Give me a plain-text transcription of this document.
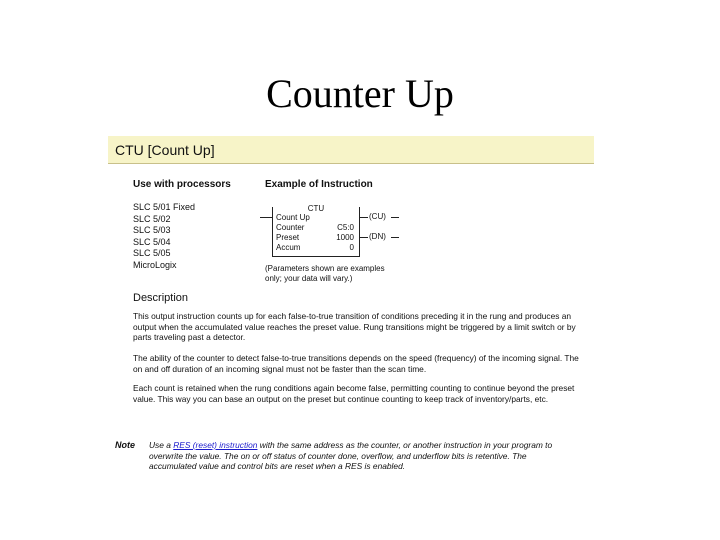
Counter Up
CTU [Count Up]
Use with processors	Example of Instruction
SLC 5/01 Fixed
SLC 5/02
SLC 5/03
SLC 5/04
SLC 5/05
MicroLogix
CTU
Count Up
Counter	C5:0
Preset	1000
Accum	0
(CU)
(DN)
(Parameters shown are examples
only; your data will vary.)
Description
This output instruction counts up for each false-to-true transition of conditions preceding it in the rung and produces an output when the accumulated value reaches the preset value. Rung transitions might be triggered by a limit switch or by parts traveling past a detector.
The ability of the counter to detect false-to-true transitions depends on the speed (frequency) of the incoming signal. The on and off duration of an incoming signal must not be faster than the scan time.
Each count is retained when the rung conditions again become false, permitting counting to continue beyond the preset value. This way you can base an output on the preset but continue counting to keep track of inventory/parts, etc.
Note Use a RES (reset) instruction with the same address as the counter, or another instruction in your program to overwrite the value. The on or off status of counter done, overflow, and underflow bits is retentive. The accumulated value and control bits are reset when a RES is enabled.
